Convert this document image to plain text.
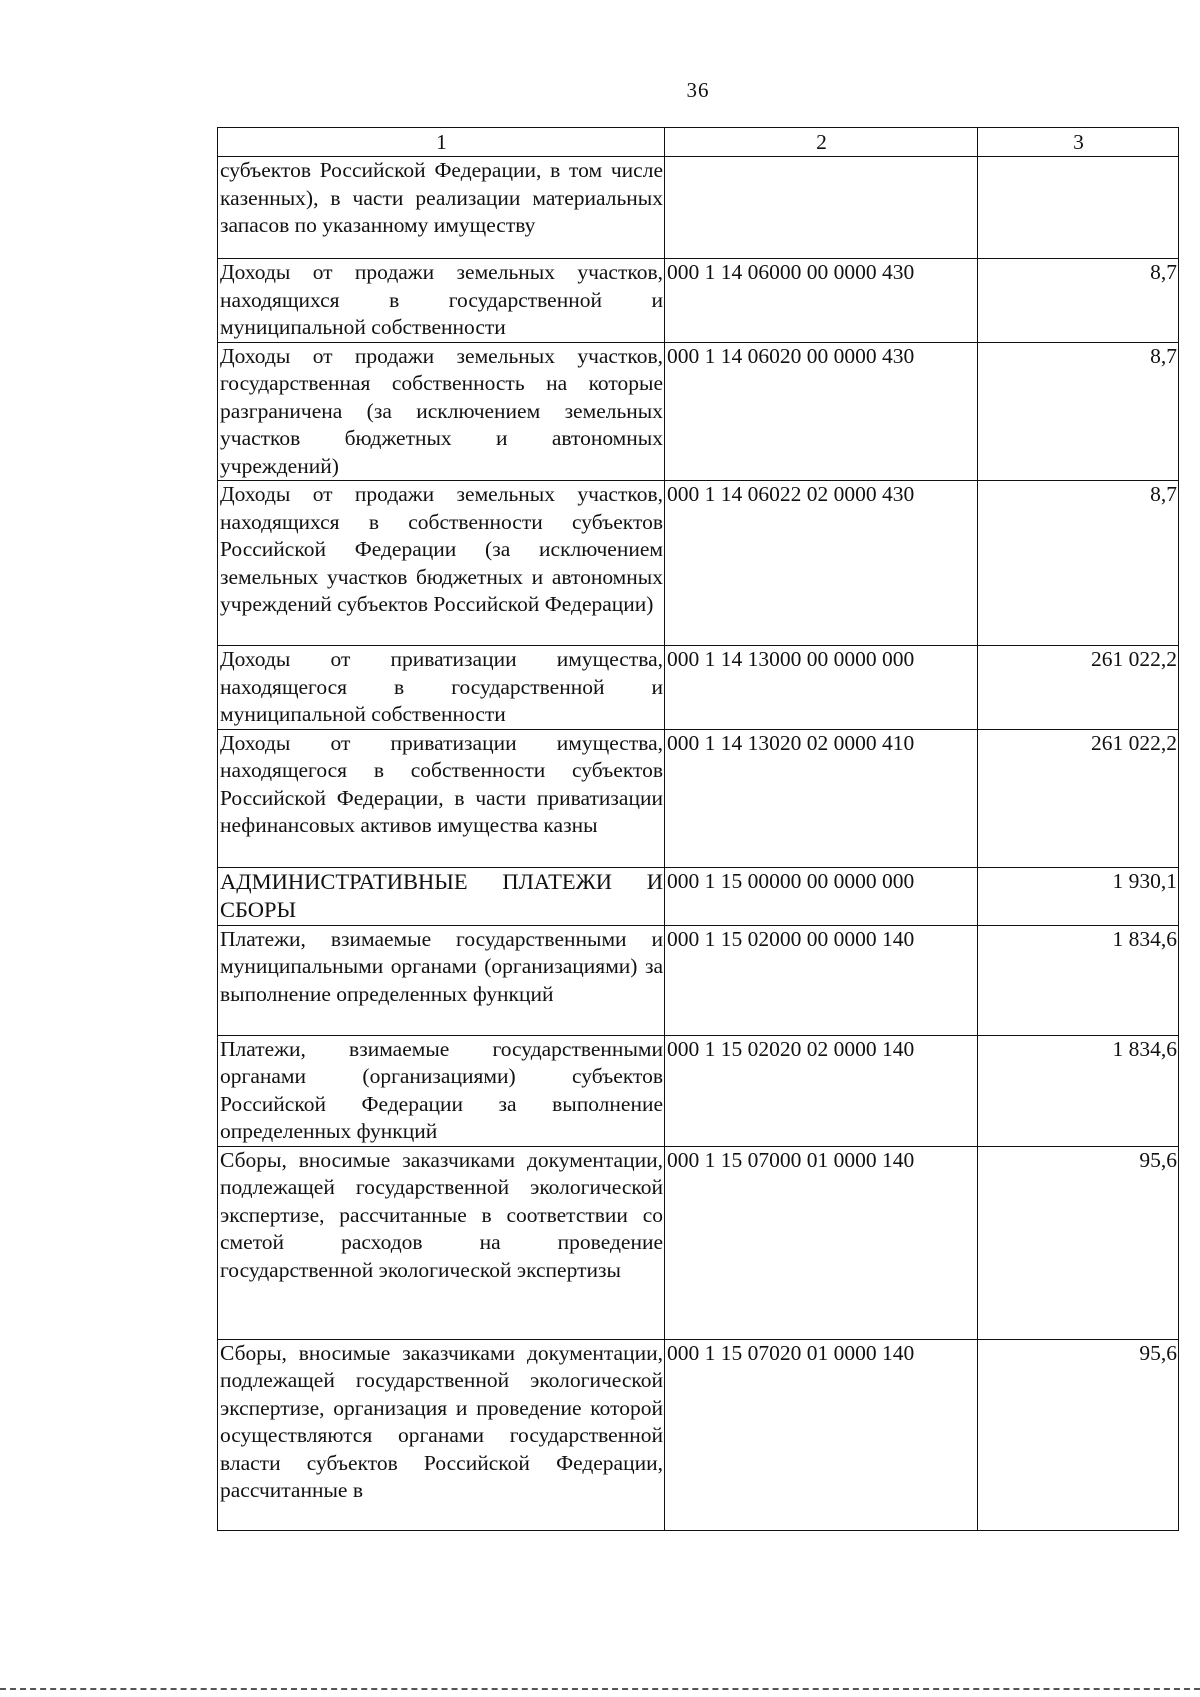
36
1	2	3
субъектов Российской Федерации, в том числе казенных), в части реализации материальных запасов по указанному имуществу		
Доходы от продажи земельных участков, находящихся в государственной и муниципальной собственности	000 1 14 06000 00 0000 430	8,7
Доходы от продажи земельных участков, государственная собственность на которые разграничена (за исключением земельных участков бюджетных и автономных учреждений)	000 1 14 06020 00 0000 430	8,7
Доходы от продажи земельных участков, находящихся в собственности субъектов Российской Федерации (за исключением земельных участков бюджетных и автономных учреждений субъектов Российской Федерации)	000 1 14 06022 02 0000 430	8,7
Доходы от приватизации имущества, находящегося в государственной и муниципальной собственности	000 1 14 13000 00 0000 000	261 022,2
Доходы от приватизации имущества, находящегося в собственности субъектов Российской Федерации, в части приватизации нефинансовых активов имущества казны	000 1 14 13020 02 0000 410	261 022,2
АДМИНИСТРАТИВНЫЕ ПЛАТЕЖИ И СБОРЫ	000 1 15 00000 00 0000 000	1 930,1
Платежи, взимаемые государственными и муниципальными органами (организациями) за выполнение определенных функций	000 1 15 02000 00 0000 140	1 834,6
Платежи, взимаемые государственными органами (организациями) субъектов Российской Федерации за выполнение определенных функций	000 1 15 02020 02 0000 140	1 834,6
Сборы, вносимые заказчиками документации, подлежащей государственной экологической экспертизе, рассчитанные в соответствии со сметой расходов на проведение государственной экологической экспертизы	000 1 15 07000 01 0000 140	95,6
Сборы, вносимые заказчиками документации, подлежащей государственной экологической экспертизе, организация и проведение которой осуществляются органами государственной власти субъектов Российской Федерации, рассчитанные в	000 1 15 07020 01 0000 140	95,6
